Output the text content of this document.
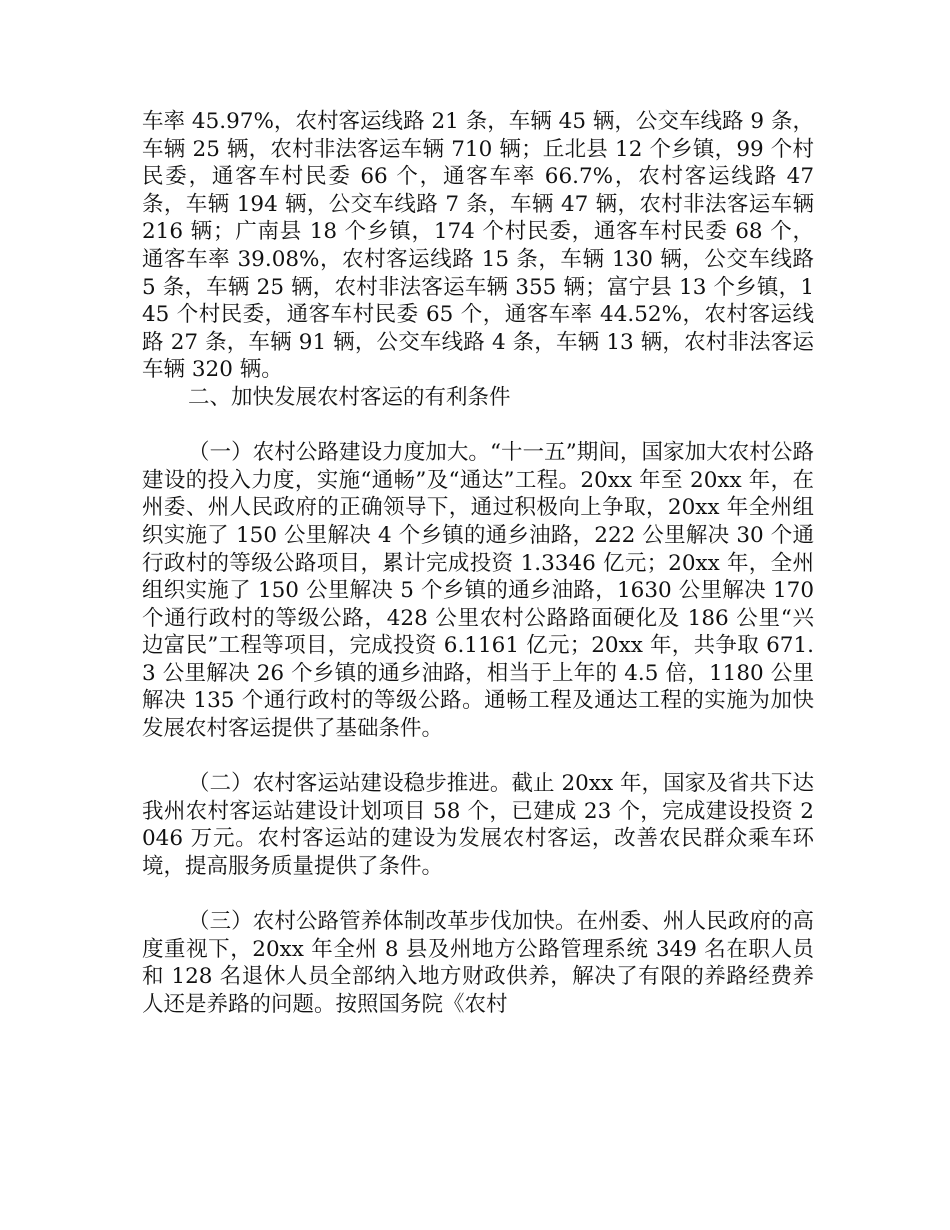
车率 45.97%，农村客运线路 21 条，车辆 45 辆，公交车线路 9 条，车辆 25 辆，农村非法客运车辆 710 辆；丘北县 12 个乡镇，99 个村民委，通客车村民委 66 个，通客车率 66.7%，农村客运线路 47 条，车辆 194 辆，公交车线路 7 条，车辆 47 辆，农村非法客运车辆 216 辆；广南县 18 个乡镇，174 个村民委，通客车村民委 68 个，通客车率 39.08%，农村客运线路 15 条，车辆 130 辆，公交车线路 5 条，车辆 25 辆，农村非法客运车辆 355 辆；富宁县 13 个乡镇，145 个村民委，通客车村民委 65 个，通客车率 44.52%，农村客运线路 27 条，车辆 91 辆，公交车线路 4 条，车辆 13 辆，农村非法客运车辆 320 辆。

二、加快发展农村客运的有利条件

（一）农村公路建设力度加大。“十一五”期间，国家加大农村公路建设的投入力度，实施“通畅”及“通达”工程。20xx 年至 20xx 年，在州委、州人民政府的正确领导下，通过积极向上争取，20xx 年全州组织实施了 150 公里解决 4 个乡镇的通乡油路，222 公里解决 30 个通行政村的等级公路项目，累计完成投资 1.3346 亿元；20xx 年，全州组织实施了 150 公里解决 5 个乡镇的通乡油路，1630 公里解决 170 个通行政村的等级公路，428 公里农村公路路面硬化及 186 公里“兴边富民”工程等项目，完成投资 6.1161 亿元；20xx 年，共争取 671.3 公里解决 26 个乡镇的通乡油路，相当于上年的 4.5 倍，1180 公里解决 135 个通行政村的等级公路。通畅工程及通达工程的实施为加快发展农村客运提供了基础条件。

（二）农村客运站建设稳步推进。截止 20xx 年，国家及省共下达我州农村客运站建设计划项目 58 个，已建成 23 个，完成建设投资 2046 万元。农村客运站的建设为发展农村客运，改善农民群众乘车环境，提高服务质量提供了条件。

（三）农村公路管养体制改革步伐加快。在州委、州人民政府的高度重视下，20xx 年全州 8 县及州地方公路管理系统 349 名在职人员和 128 名退休人员全部纳入地方财政供养，解决了有限的养路经费养人还是养路的问题。按照国务院《农村
